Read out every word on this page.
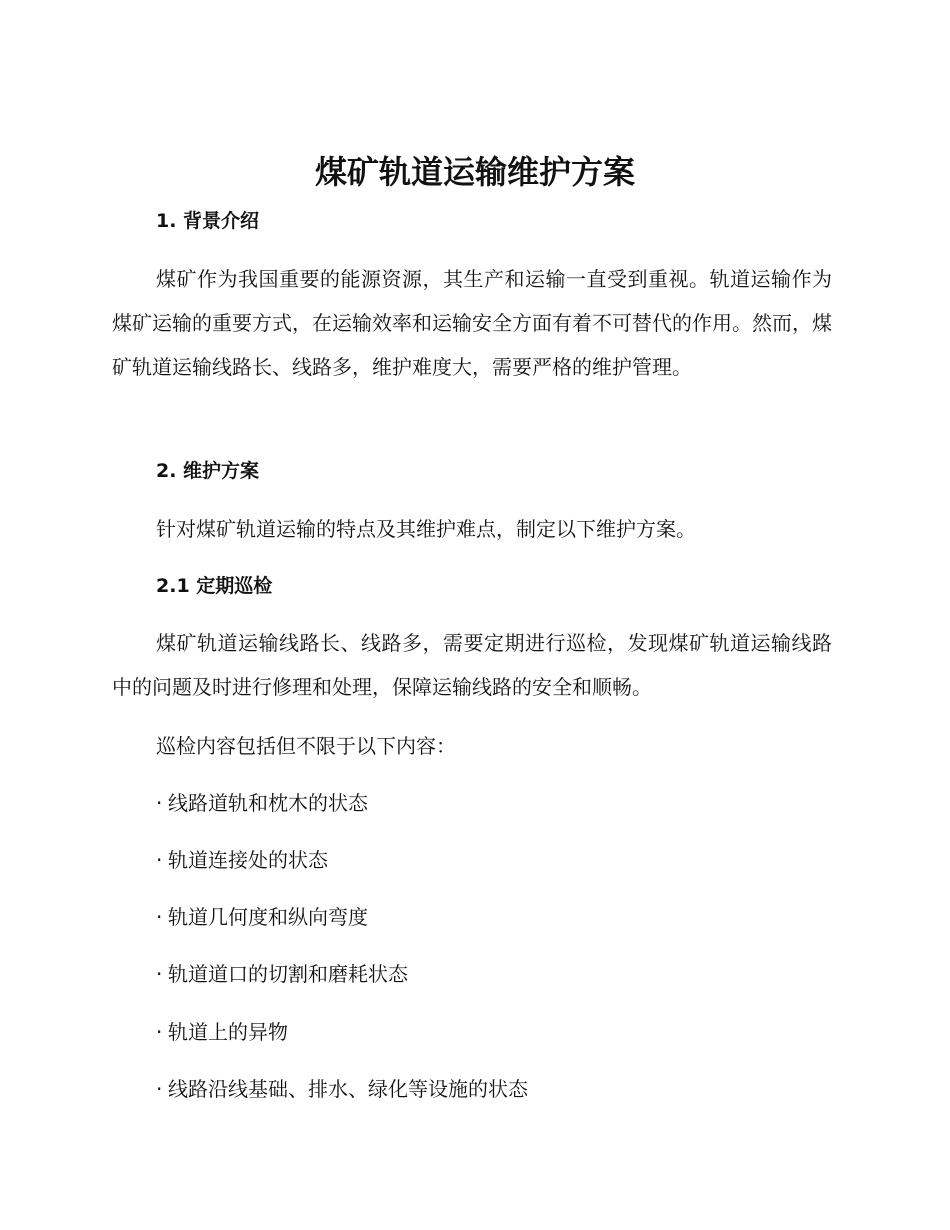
煤矿轨道运输维护方案
1. 背景介绍
煤矿作为我国重要的能源资源，其生产和运输一直受到重视。轨道运输作为煤矿运输的重要方式，在运输效率和运输安全方面有着不可替代的作用。然而，煤矿轨道运输线路长、线路多，维护难度大，需要严格的维护管理。
2. 维护方案
针对煤矿轨道运输的特点及其维护难点，制定以下维护方案。
2.1 定期巡检
煤矿轨道运输线路长、线路多，需要定期进行巡检，发现煤矿轨道运输线路中的问题及时进行修理和处理，保障运输线路的安全和顺畅。
巡检内容包括但不限于以下内容：
· 线路道轨和枕木的状态
· 轨道连接处的状态
· 轨道几何度和纵向弯度
· 轨道道口的切割和磨耗状态
· 轨道上的异物
· 线路沿线基础、排水、绿化等设施的状态
